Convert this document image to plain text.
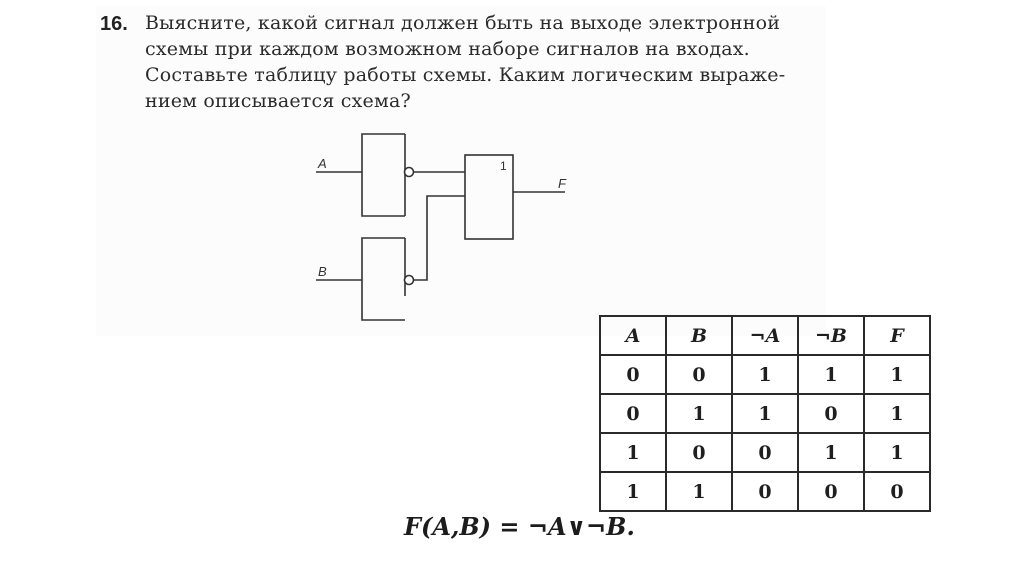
16. Выясните, какой сигнал должен быть на выходе электронной
схемы при каждом возможном наборе сигналов на входах.
Составьте таблицу работы схемы. Каким логическим выраже-
нием описывается схема?
A
B
F
1
A	B	¬A	¬B	F
0	0	1	1	1
0	1	1	0	1
1	0	0	1	1
1	1	0	0	0
F(A,B) = ¬A∨¬B.
